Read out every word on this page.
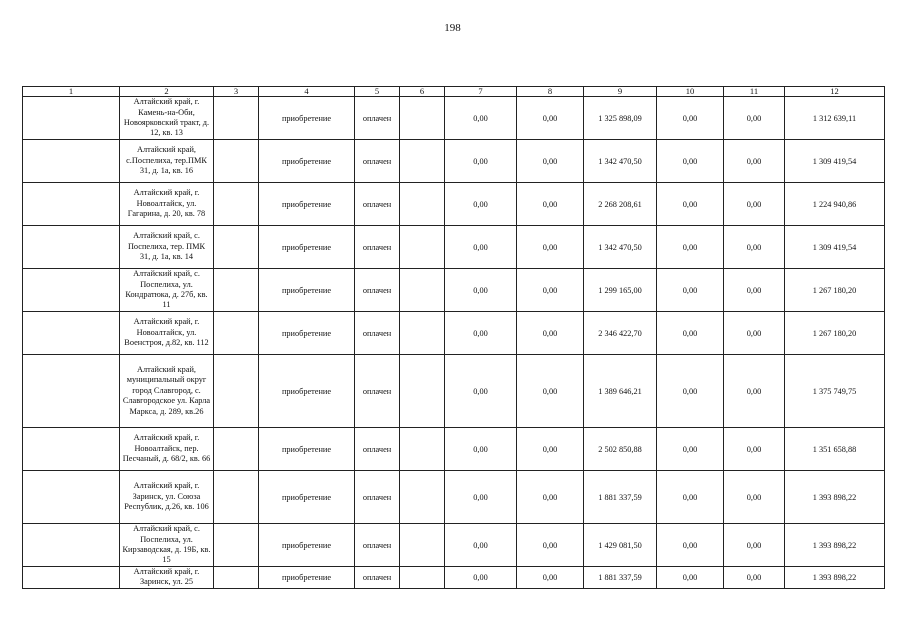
198
1	2	3	4	5	6	7	8	9	10	11	12
	Алтайский край, г. Камень-на-Оби, Новоярковский тракт, д. 12, кв. 13		приобретение	оплачен		0,00	0,00	1 325 898,09	0,00	0,00	1 312 639,11
	Алтайский край, с.Поспелиха, тер.ПМК 31, д. 1а, кв. 16		приобретение	оплачен		0,00	0,00	1 342 470,50	0,00	0,00	1 309 419,54
	Алтайский край, г. Новоалтайск, ул. Гагарина, д. 20, кв. 78		приобретение	оплачен		0,00	0,00	2 268 208,61	0,00	0,00	1 224 940,86
	Алтайский край, с. Поспелиха, тер. ПМК 31, д. 1а, кв. 14		приобретение	оплачен		0,00	0,00	1 342 470,50	0,00	0,00	1 309 419,54
	Алтайский край, с. Поспелиха, ул. Кондратюка, д. 27б, кв. 11		приобретение	оплачен		0,00	0,00	1 299 165,00	0,00	0,00	1 267 180,20
	Алтайский край, г. Новоалтайск, ул. Военстроя, д.82, кв. 112		приобретение	оплачен		0,00	0,00	2 346 422,70	0,00	0,00	1 267 180,20
	Алтайский край, муниципальный округ город Славгород, с. Славгородское ул. Карла Маркса, д. 289, кв.26		приобретение	оплачен		0,00	0,00	1 389 646,21	0,00	0,00	1 375 749,75
	Алтайский край, г. Новоалтайск, пер. Песчаный, д. 68/2, кв. 66		приобретение	оплачен		0,00	0,00	2 502 850,88	0,00	0,00	1 351 658,88
	Алтайский край, г. Заринск, ул. Союза Республик, д.26, кв. 106		приобретение	оплачен		0,00	0,00	1 881 337,59	0,00	0,00	1 393 898,22
	Алтайский край, с. Поспелиха, ул. Кирзаводская, д. 19Б, кв. 15		приобретение	оплачен		0,00	0,00	1 429 081,50	0,00	0,00	1 393 898,22
	Алтайский край, г. Заринск, ул. 25		приобретение	оплачен		0,00	0,00	1 881 337,59	0,00	0,00	1 393 898,22
